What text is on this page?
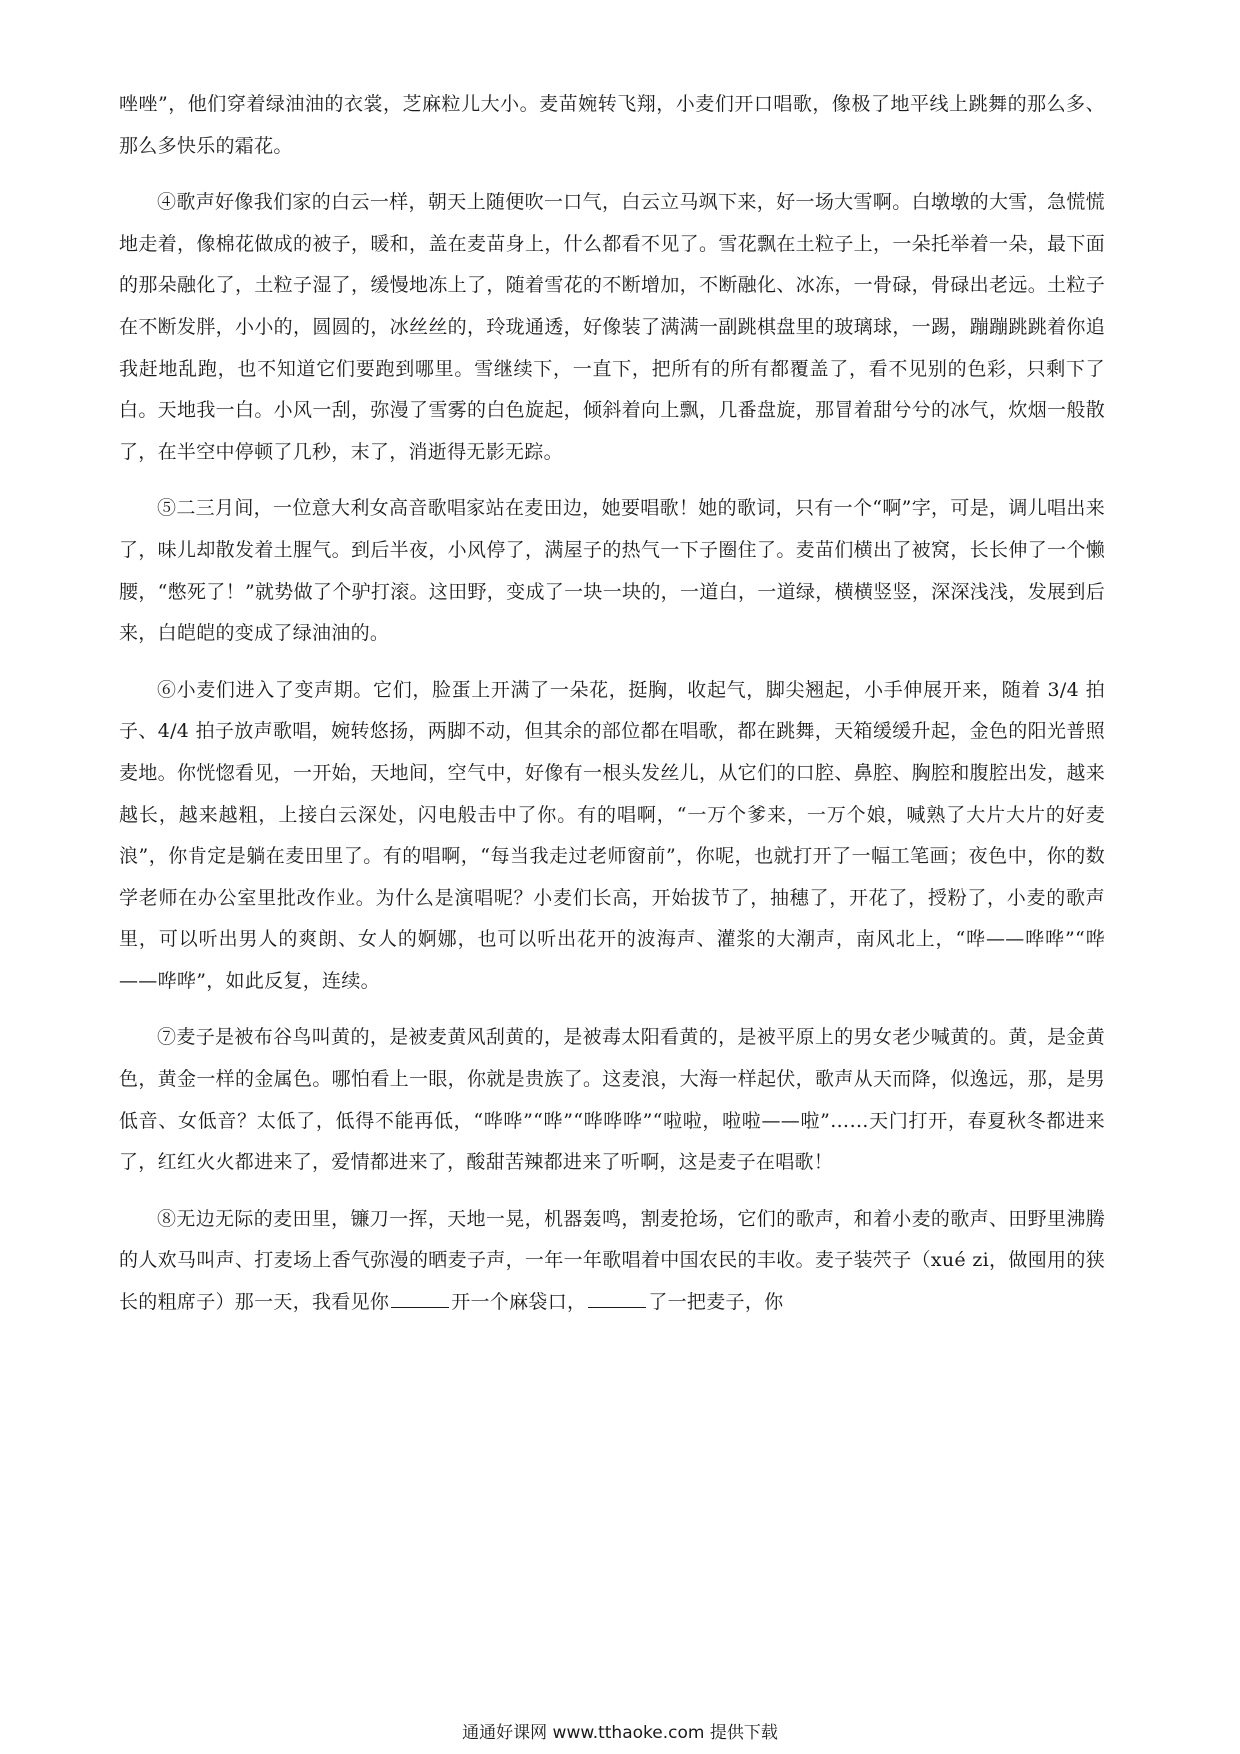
唑唑”，他们穿着绿油油的衣裳，芝麻粒儿大小。麦苗婉转飞翔，小麦们开口唱歌，像极了地平线上跳舞的那么多、那么多快乐的霜花。

④歌声好像我们家的白云一样，朝天上随便吹一口气，白云立马飒下来，好一场大雪啊。白墩墩的大雪，急慌慌地走着，像棉花做成的被子，暖和，盖在麦苗身上，什么都看不见了。雪花飘在土粒子上，一朵托举着一朵，最下面的那朵融化了，土粒子湿了，缓慢地冻上了，随着雪花的不断增加，不断融化、冰冻，一骨碌，骨碌出老远。土粒子在不断发胖，小小的，圆圆的，冰丝丝的，玲珑通透，好像装了满满一副跳棋盘里的玻璃球，一踢，蹦蹦跳跳着你追我赶地乱跑，也不知道它们要跑到哪里。雪继续下，一直下，把所有的所有都覆盖了，看不见别的色彩，只剩下了白。天地我一白。小风一刮，弥漫了雪雾的白色旋起，倾斜着向上飘，几番盘旋，那冒着甜兮兮的冰气，炊烟一般散了，在半空中停顿了几秒，末了，消逝得无影无踪。

⑤二三月间，一位意大利女高音歌唱家站在麦田边，她要唱歌！她的歌词，只有一个“啊”字，可是，调儿唱出来了，味儿却散发着土腥气。到后半夜，小风停了，满屋子的热气一下子圈住了。麦苗们横出了被窝，长长伸了一个懒腰，“憋死了！”就势做了个驴打滚。这田野，变成了一块一块的，一道白，一道绿，横横竖竖，深深浅浅，发展到后来，白皑皑的变成了绿油油的。

⑥小麦们进入了变声期。它们，脸蛋上开满了一朵花，挺胸，收起气，脚尖翘起，小手伸展开来，随着 3/4 拍子、4/4 拍子放声歌唱，婉转悠扬，两脚不动，但其余的部位都在唱歌，都在跳舞，天箱缓缓升起，金色的阳光普照麦地。你恍惚看见，一开始，天地间，空气中，好像有一根头发丝儿，从它们的口腔、鼻腔、胸腔和腹腔出发，越来越长，越来越粗，上接白云深处，闪电般击中了你。有的唱啊，“一万个爹来，一万个娘，喊熟了大片大片的好麦浪”，你肯定是躺在麦田里了。有的唱啊，“每当我走过老师窗前”，你呢，也就打开了一幅工笔画；夜色中，你的数学老师在办公室里批改作业。为什么是演唱呢？小麦们长高，开始拔节了，抽穗了，开花了，授粉了，小麦的歌声里，可以听出男人的爽朗、女人的婀娜，也可以听出花开的波海声、灌浆的大潮声，南风北上，“哗——哗哗”“哗——哗哗”，如此反复，连续。

⑦麦子是被布谷鸟叫黄的，是被麦黄风刮黄的，是被毒太阳看黄的，是被平原上的男女老少喊黄的。黄，是金黄色，黄金一样的金属色。哪怕看上一眼，你就是贵族了。这麦浪，大海一样起伏，歌声从天而降，似逸远，那，是男低音、女低音？太低了，低得不能再低，“哗哗”“哗”“哗哗哗”“啦啦，啦啦——啦”……天门打开，春夏秋冬都进来了，红红火火都进来了，爱情都进来了，酸甜苦辣都进来了听啊，这是麦子在唱歌！

⑧无边无际的麦田里，镰刀一挥，天地一晃，机器轰鸣，割麦抢场，它们的歌声，和着小麦的歌声、田野里沸腾的人欢马叫声、打麦场上香气弥漫的晒麦子声，一年一年歌唱着中国农民的丰收。麦子装茓子（xué zi，做囤用的狭长的粗席子）那一天，我看见你	开一个麻袋口，	了一把麦子，你

通通好课网 www.tthaoke.com 提供下载
